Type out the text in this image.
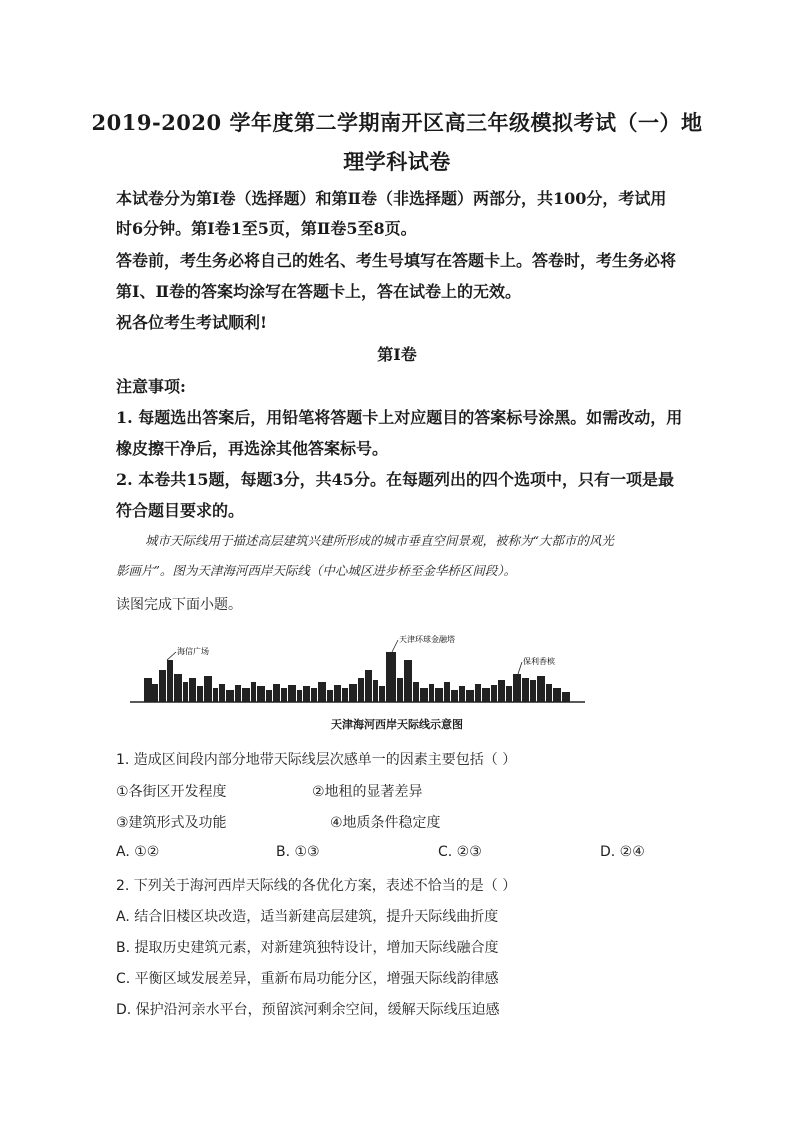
2019-2020 学年度第二学期南开区高三年级模拟考试（一）地
理学科试卷
本试卷分为第Ⅰ卷（选择题）和第Ⅱ卷（非选择题）两部分，共100分，考试用
时6分钟。第Ⅰ卷1至5页，第Ⅱ卷5至8页。
答卷前，考生务必将自己的姓名、考生号填写在答题卡上。答卷时，考生务必将
第Ⅰ、Ⅱ卷的答案均涂写在答题卡上，答在试卷上的无效。
祝各位考生考试顺利!
第Ⅰ卷
注意事项:
1. 每题选出答案后，用铅笔将答题卡上对应题目的答案标号涂黑。如需改动，用
橡皮擦干净后，再选涂其他答案标号。
2. 本卷共15题，每题3分，共45分。在每题列出的四个选项中，只有一项是最
符合题目要求的。
城市天际线用于描述高层建筑兴建所形成的城市垂直空间景观，被称为“大都市的风光
影画片”。图为天津海河西岸天际线（中心城区进步桥至金华桥区间段）。
读图完成下面小题。
海信广场
天津环球金融塔
保利香槟
天津海河西岸天际线示意图
1. 造成区间段内部分地带天际线层次感单一的因素主要包括（ ）
①各街区开发程度	②地租的显著差异
③建筑形式及功能	④地质条件稳定度
A. ①②	B. ①③	C. ②③	D. ②④
2. 下列关于海河西岸天际线的各优化方案，表述不恰当的是（ ）
A. 结合旧楼区块改造，适当新建高层建筑，提升天际线曲折度
B. 提取历史建筑元素，对新建筑独特设计，增加天际线融合度
C. 平衡区域发展差异，重新布局功能分区，增强天际线韵律感
D. 保护沿河亲水平台，预留滨河剩余空间，缓解天际线压迫感
